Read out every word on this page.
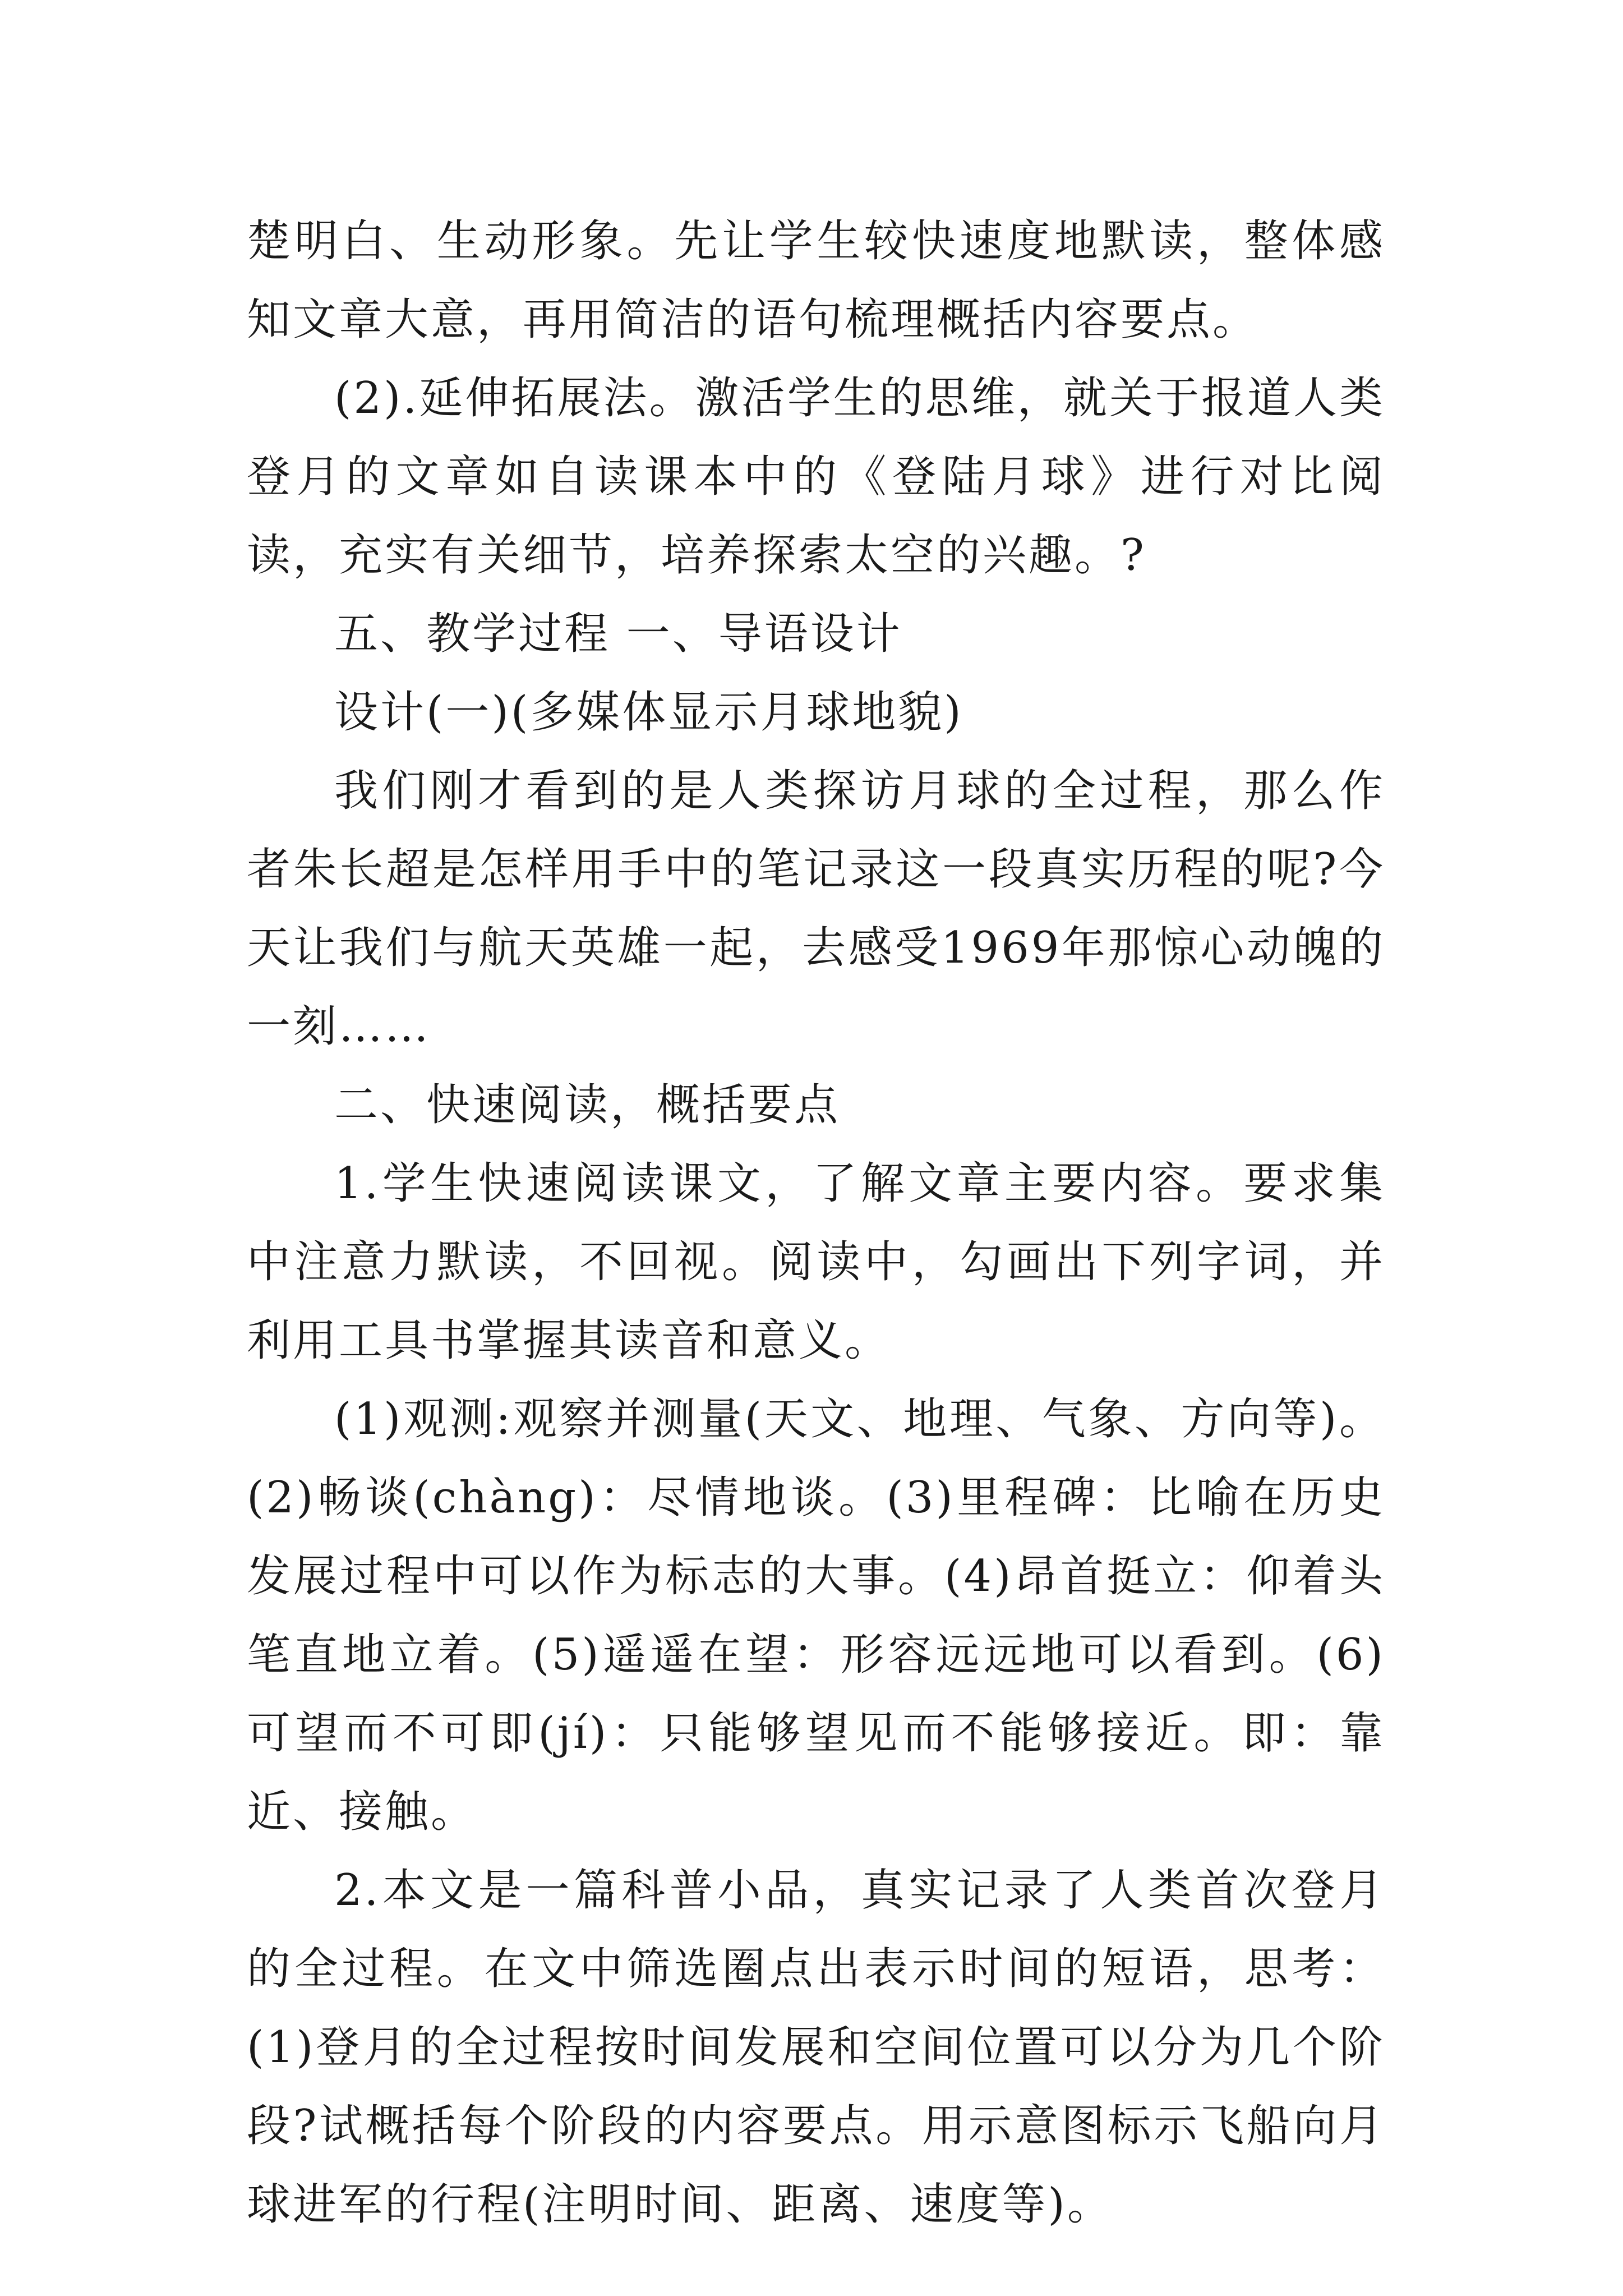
楚明白、生动形象。先让学生较快速度地默读，整体感知文章大意，再用简洁的语句梳理概括内容要点。

(2).延伸拓展法。激活学生的思维，就关于报道人类登月的文章如自读课本中的《登陆月球》进行对比阅读，充实有关细节，培养探索太空的兴趣。?

五、教学过程 一、导语设计

设计(一)(多媒体显示月球地貌)

我们刚才看到的是人类探访月球的全过程，那么作者朱长超是怎样用手中的笔记录这一段真实历程的呢?今天让我们与航天英雄一起，去感受1969年那惊心动魄的一刻……

二、快速阅读，概括要点

1.学生快速阅读课文，了解文章主要内容。要求集中注意力默读，不回视。阅读中，勾画出下列字词，并利用工具书掌握其读音和意义。

(1)观测:观察并测量(天文、地理、气象、方向等)。(2)畅谈(chàng)：尽情地谈。(3)里程碑：比喻在历史发展过程中可以作为标志的大事。(4)昂首挺立：仰着头笔直地立着。(5)遥遥在望：形容远远地可以看到。(6)可望而不可即(jí)：只能够望见而不能够接近。即：靠近、接触。

2.本文是一篇科普小品，真实记录了人类首次登月的全过程。在文中筛选圈点出表示时间的短语，思考：(1)登月的全过程按时间发展和空间位置可以分为几个阶段?试概括每个阶段的内容要点。用示意图标示飞船向月球进军的行程(注明时间、距离、速度等)。
